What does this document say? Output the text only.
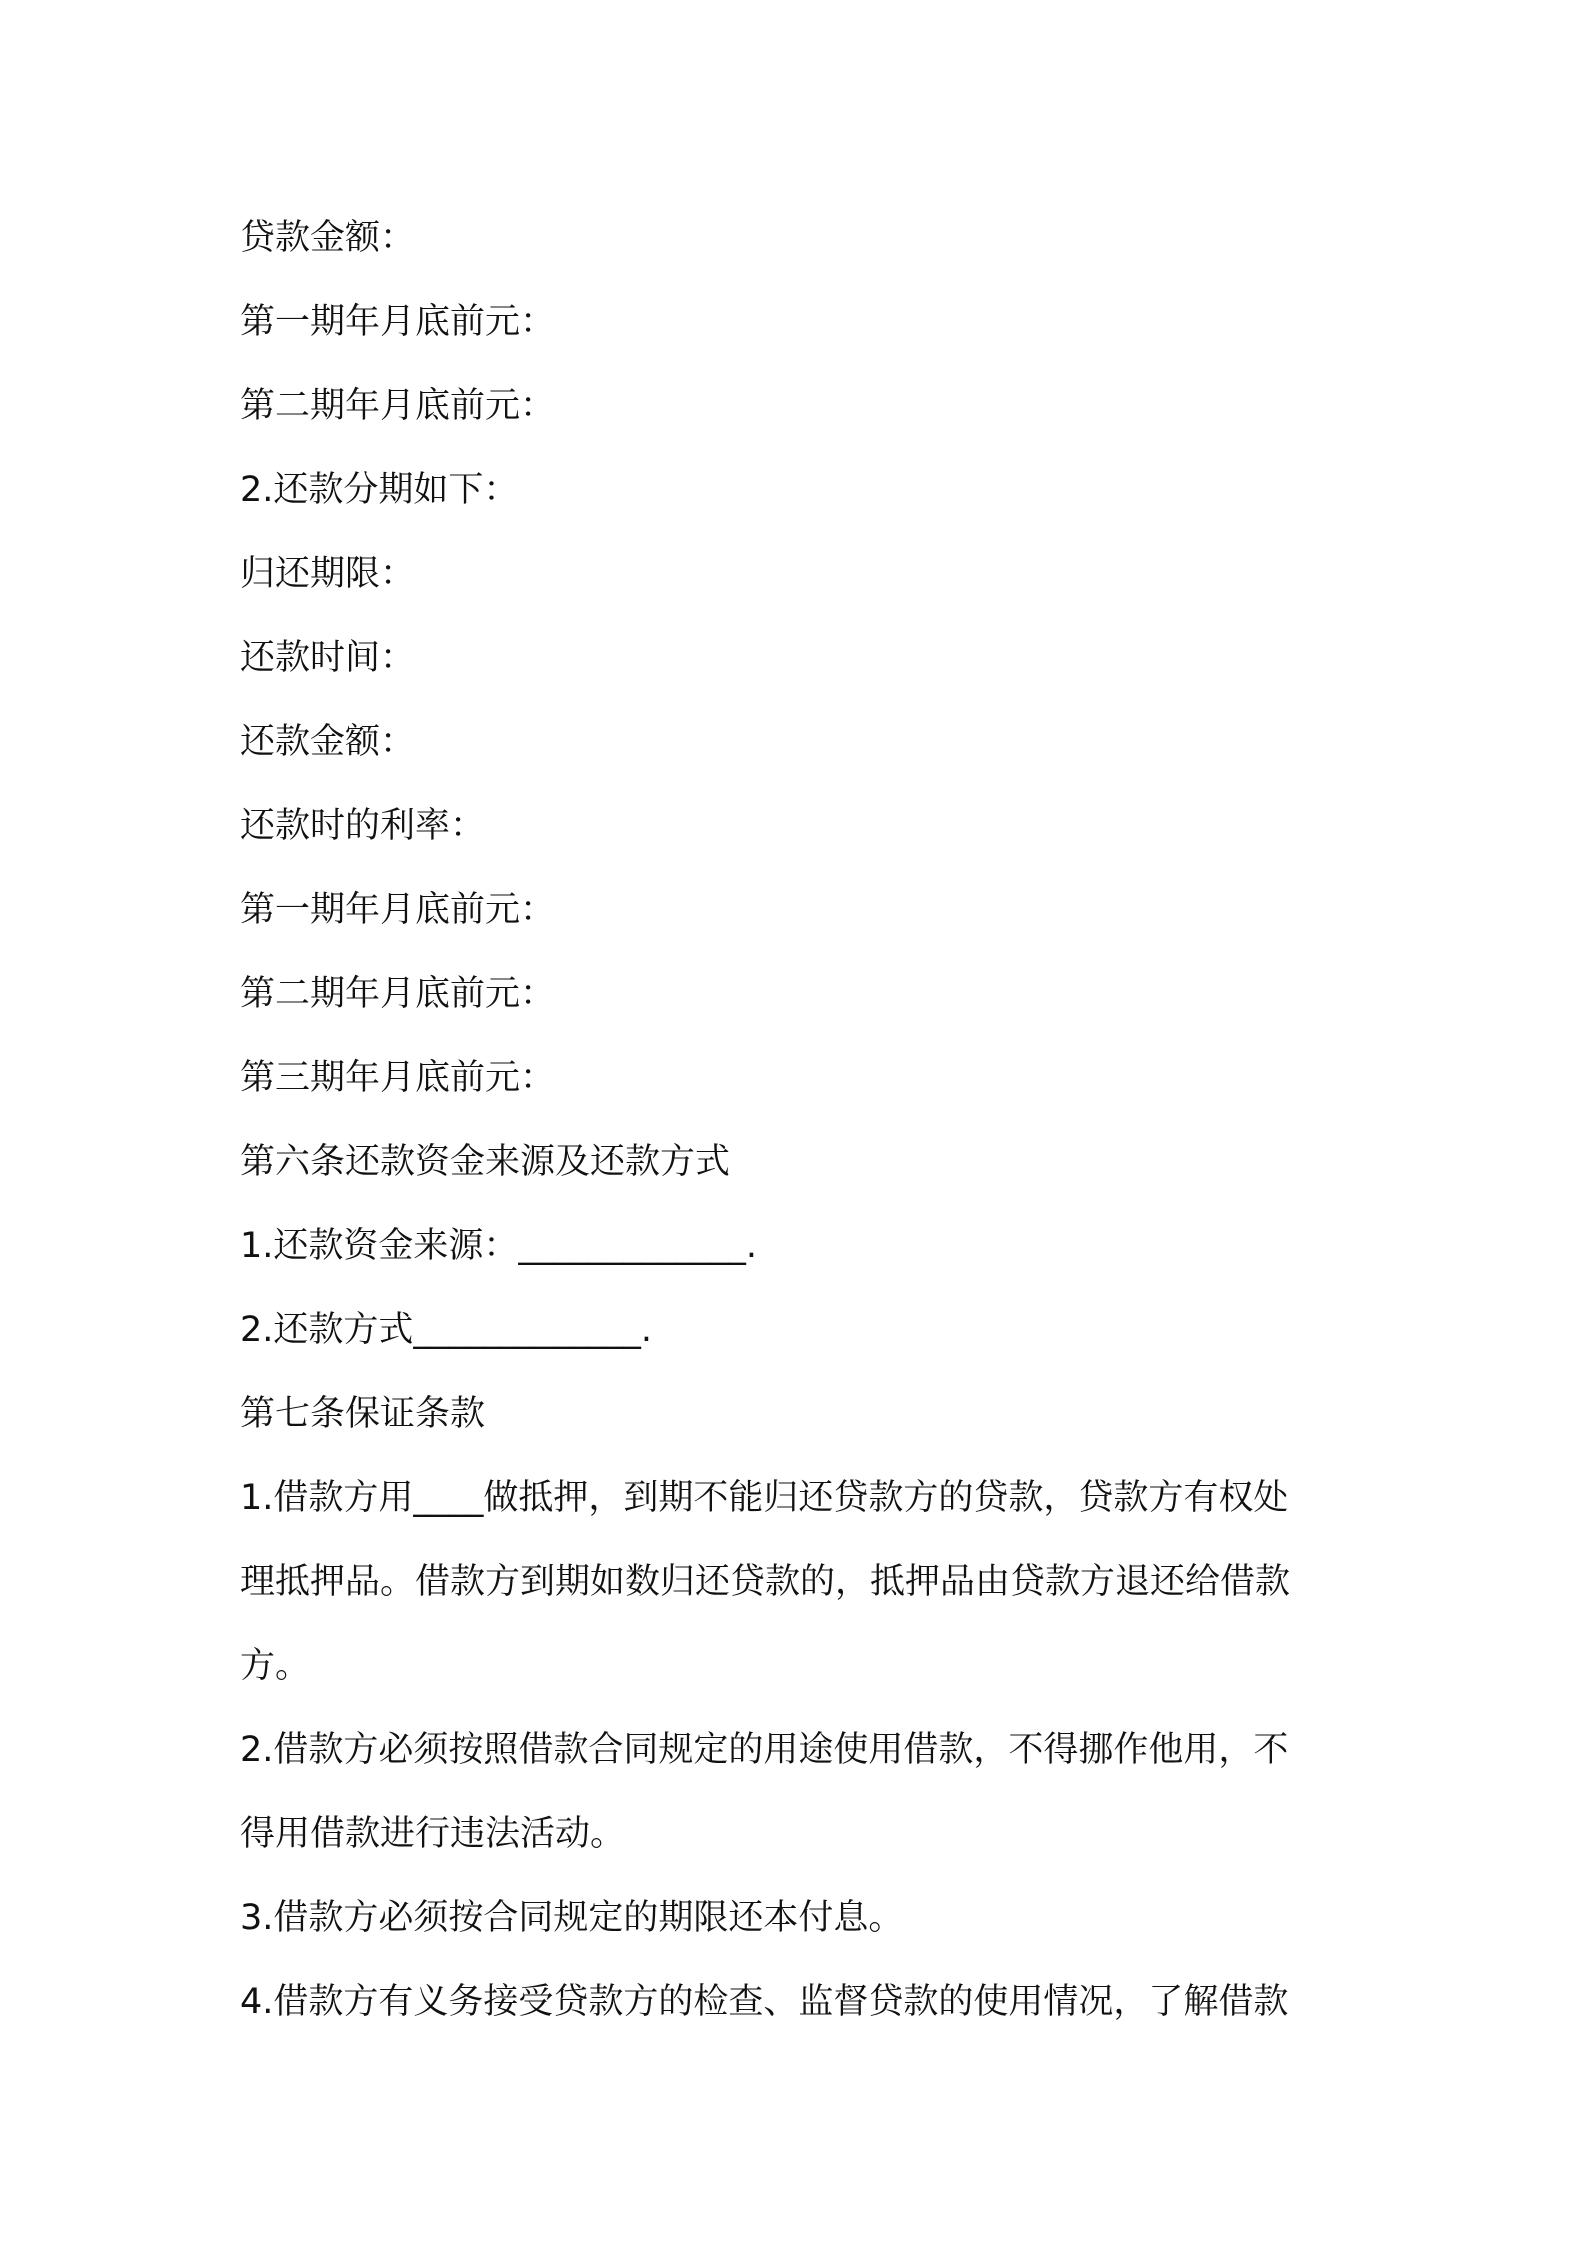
贷款金额：

第一期年月底前元：

第二期年月底前元：

2.还款分期如下：

归还期限：

还款时间：

还款金额：

还款时的利率：

第一期年月底前元：

第二期年月底前元：

第三期年月底前元：

第六条还款资金来源及还款方式

1.还款资金来源：_____________.

2.还款方式_____________.

第七条保证条款

1.借款方用____做抵押，到期不能归还贷款方的贷款，贷款方有权处

理抵押品。借款方到期如数归还贷款的，抵押品由贷款方退还给借款

方。

2.借款方必须按照借款合同规定的用途使用借款，不得挪作他用，不

得用借款进行违法活动。

3.借款方必须按合同规定的期限还本付息。

4.借款方有义务接受贷款方的检查、监督贷款的使用情况，了解借款
